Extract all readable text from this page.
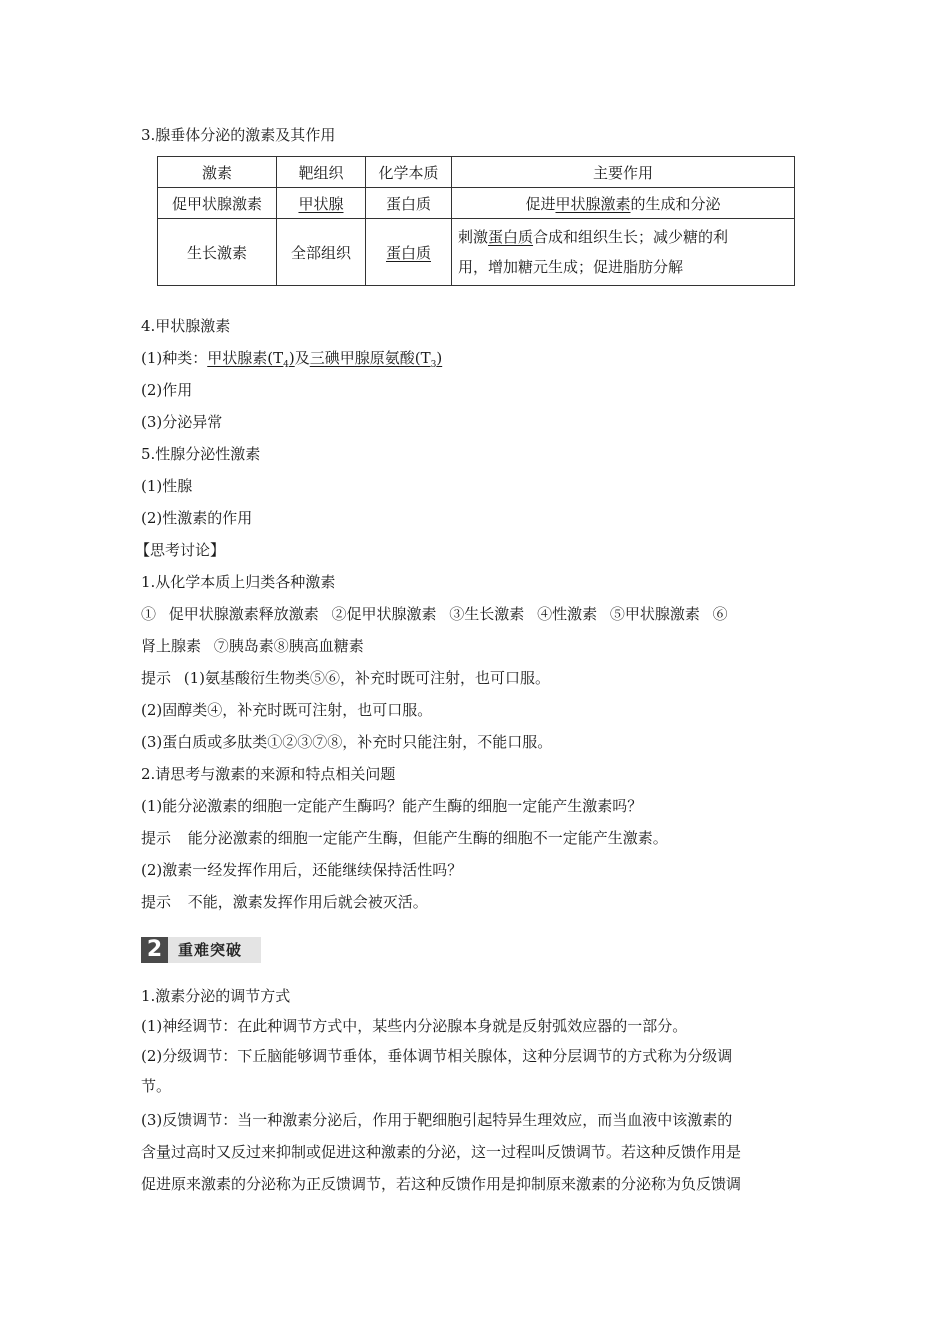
3.腺垂体分泌的激素及其作用
激素	靶组织	化学本质	主要作用
促甲状腺激素	甲状腺	蛋白质	促进甲状腺激素的生成和分泌
生长激素	全部组织	蛋白质	刺激蛋白质合成和组织生长；减少糖的利
用，增加糖元生成；促进脂肪分解
4.甲状腺激素
(1)种类：甲状腺素$(T_4)$及三碘甲腺原氨酸$(T_3)$
(2)作用
(3)分泌异常
5.性腺分泌性激素
(1)性腺
(2)性激素的作用
【思考讨论】
1.从化学本质上归类各种激素
① 促甲状腺激素释放激素 ②促甲状腺激素 ③生长激素 ④性激素 ⑤甲状腺激素 ⑥
肾上腺素 ⑦胰岛素⑧胰高血糖素
提示 (1)氨基酸衍生物类⑤⑥，补充时既可注射，也可口服。
(2)固醇类④，补充时既可注射，也可口服。
(3)蛋白质或多肽类①②③⑦⑧，补充时只能注射，不能口服。
2.请思考与激素的来源和特点相关问题
(1)能分泌激素的细胞一定能产生酶吗？能产生酶的细胞一定能产生激素吗？
提示 能分泌激素的细胞一定能产生酶，但能产生酶的细胞不一定能产生激素。
(2)激素一经发挥作用后，还能继续保持活性吗？
提示 不能，激素发挥作用后就会被灭活。
2	重难突破
1.激素分泌的调节方式
(1)神经调节：在此种调节方式中，某些内分泌腺本身就是反射弧效应器的一部分。
(2)分级调节：下丘脑能够调节垂体，垂体调节相关腺体，这种分层调节的方式称为分级调
节。
(3)反馈调节：当一种激素分泌后，作用于靶细胞引起特异生理效应，而当血液中该激素的
含量过高时又反过来抑制或促进这种激素的分泌，这一过程叫反馈调节。若这种反馈作用是
促进原来激素的分泌称为正反馈调节，若这种反馈作用是抑制原来激素的分泌称为负反馈调
